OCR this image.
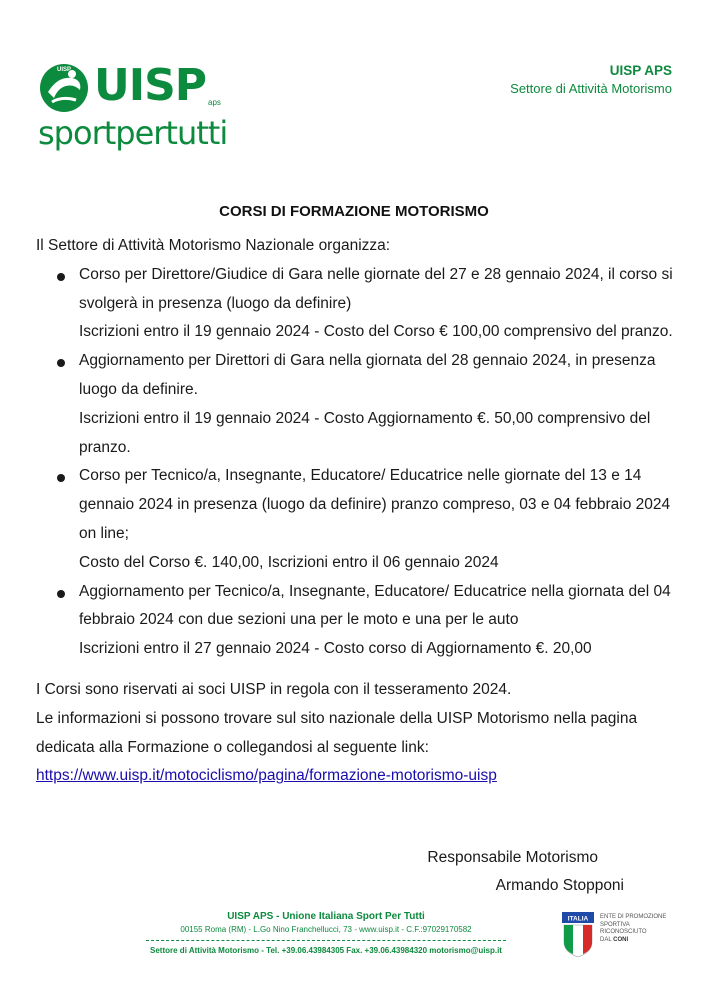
UISP UISP aps
sportpertutti
UISP APS
Settore di Attività Motorismo
CORSI DI FORMAZIONE MOTORISMO

Il Settore di Attività Motorismo Nazionale organizza:

Corso per Direttore/Giudice di Gara nelle giornate del 27 e 28 gennaio 2024, il corso si svolgerà in presenza (luogo da definire)

Iscrizioni entro il 19 gennaio 2024 - Costo del Corso € 100,00 comprensivo del pranzo.

Aggiornamento per Direttori di Gara nella giornata del 28 gennaio 2024, in presenza luogo da definire.

Iscrizioni entro il 19 gennaio 2024 - Costo Aggiornamento €. 50,00 comprensivo del pranzo.

Corso per Tecnico/a, Insegnante, Educatore/ Educatrice nelle giornate del 13 e 14 gennaio 2024 in presenza (luogo da definire) pranzo compreso, 03 e 04 febbraio 2024 on line;

Costo del Corso €. 140,00, Iscrizioni entro il 06 gennaio 2024

Aggiornamento per Tecnico/a, Insegnante, Educatore/ Educatrice nella giornata del 04 febbraio 2024 con due sezioni una per le moto e una per le auto

Iscrizioni entro il 27 gennaio 2024 - Costo corso di Aggiornamento €. 20,00

I Corsi sono riservati ai soci UISP in regola con il tesseramento 2024.

Le informazioni si possono trovare sul sito nazionale della UISP Motorismo nella pagina dedicata alla Formazione o collegandosi al seguente link:

https://www.uisp.it/motociclismo/pagina/formazione-motorismo-uisp

Responsabile Motorismo
Armando Stopponi
UISP APS - Unione Italiana Sport Per Tutti
00155 Roma (RM) - L.Go Nino Franchellucci, 73 - www.uisp.it - C.F.:97029170582
Settore di Attività Motorismo - Tel. +39.06.43984305 Fax. +39.06.43984320 motorismo@uisp.it
ITALIA ENTE DI PROMOZIONE
SPORTIVA
RICONOSCIUTO
DAL CONI
